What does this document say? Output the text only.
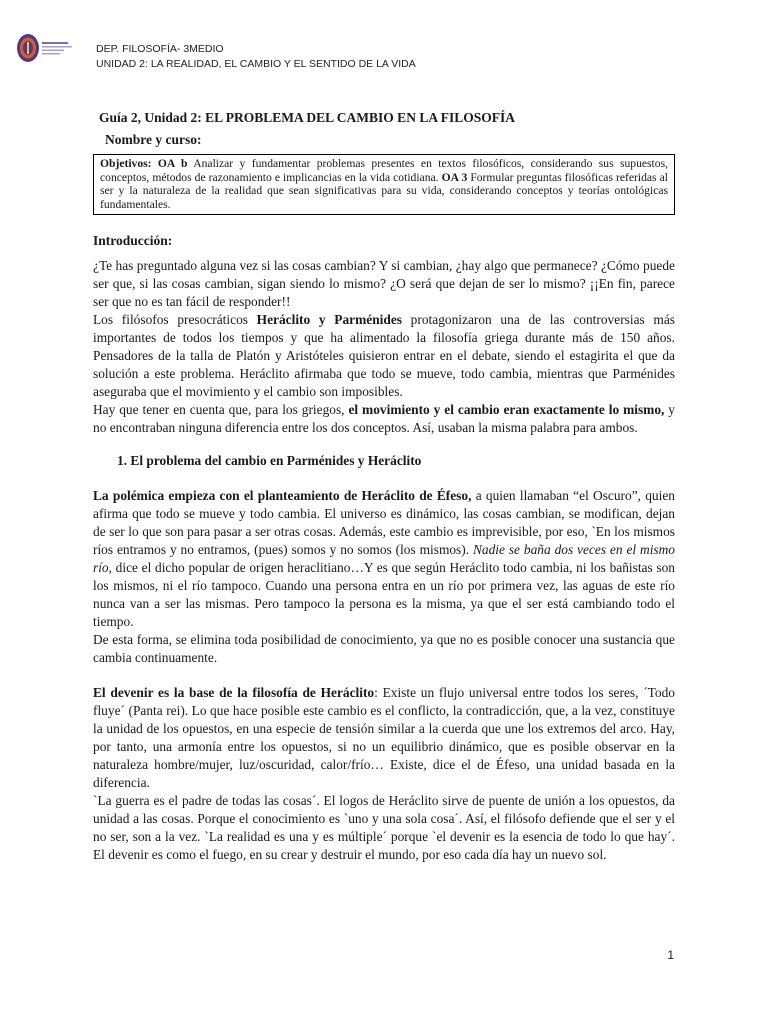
DEP. FILOSOFÍA- 3MEDIO
UNIDAD 2: LA REALIDAD, EL CAMBIO Y EL SENTIDO DE LA VIDA
Guía 2, Unidad 2: EL PROBLEMA DEL CAMBIO EN LA FILOSOFÍA
Nombre y curso:
Objetivos: OA b Analizar y fundamentar problemas presentes en textos filosóficos, considerando sus supuestos, conceptos, métodos de razonamiento e implicancias en la vida cotidiana. OA 3 Formular preguntas filosóficas referidas al ser y la naturaleza de la realidad que sean significativas para su vida, considerando conceptos y teorías ontológicas fundamentales.
Introducción:

¿Te has preguntado alguna vez si las cosas cambian? Y si cambian, ¿hay algo que permanece? ¿Cómo puede ser que, si las cosas cambian, sigan siendo lo mismo? ¿O será que dejan de ser lo mismo? ¡¡En fin, parece ser que no es tan fácil de responder!!

Los filósofos presocráticos Heráclito y Parménides protagonizaron una de las controversias más importantes de todos los tiempos y que ha alimentado la filosofía griega durante más de 150 años. Pensadores de la talla de Platón y Aristóteles quisieron entrar en el debate, siendo el estagirita el que da solución a este problema. Heráclito afirmaba que todo se mueve, todo cambia, mientras que Parménides aseguraba que el movimiento y el cambio son imposibles.

Hay que tener en cuenta que, para los griegos, el movimiento y el cambio eran exactamente lo mismo, y no encontraban ninguna diferencia entre los dos conceptos. Así, usaban la misma palabra para ambos.

1. El problema del cambio en Parménides y Heráclito

La polémica empieza con el planteamiento de Heráclito de Éfeso, a quien llamaban “el Oscuro”, quien afirma que todo se mueve y todo cambia. El universo es dinámico, las cosas cambian, se modifican, dejan de ser lo que son para pasar a ser otras cosas. Además, este cambio es imprevisible, por eso, `En los mismos ríos entramos y no entramos, (pues) somos y no somos (los mismos). Nadie se baña dos veces en el mismo río, dice el dicho popular de origen heraclitiano…Y es que según Heráclito todo cambia, ni los bañistas son los mismos, ni el río tampoco. Cuando una persona entra en un río por primera vez, las aguas de este río nunca van a ser las mismas. Pero tampoco la persona es la misma, ya que el ser está cambiando todo el tiempo.

De esta forma, se elimina toda posibilidad de conocimiento, ya que no es posible conocer una sustancia que cambia continuamente.

El devenir es la base de la filosofía de Heráclito: Existe un flujo universal entre todos los seres, ´Todo fluye´ (Panta rei). Lo que hace posible este cambio es el conflicto, la contradicción, que, a la vez, constituye la unidad de los opuestos, en una especie de tensión similar a la cuerda que une los extremos del arco. Hay, por tanto, una armonía entre los opuestos, si no un equilibrio dinámico, que es posible observar en la naturaleza hombre/mujer, luz/oscuridad, calor/frío… Existe, dice el de Éfeso, una unidad basada en la diferencia.

`La guerra es el padre de todas las cosas´. El logos de Heráclito sirve de puente de unión a los opuestos, da unidad a las cosas. Porque el conocimiento es `uno y una sola cosa´. Así, el filósofo defiende que el ser y el no ser, son a la vez. `La realidad es una y es múltiple´ porque `el devenir es la esencia de todo lo que hay´. El devenir es como el fuego, en su crear y destruir el mundo, por eso cada día hay un nuevo sol.

1
